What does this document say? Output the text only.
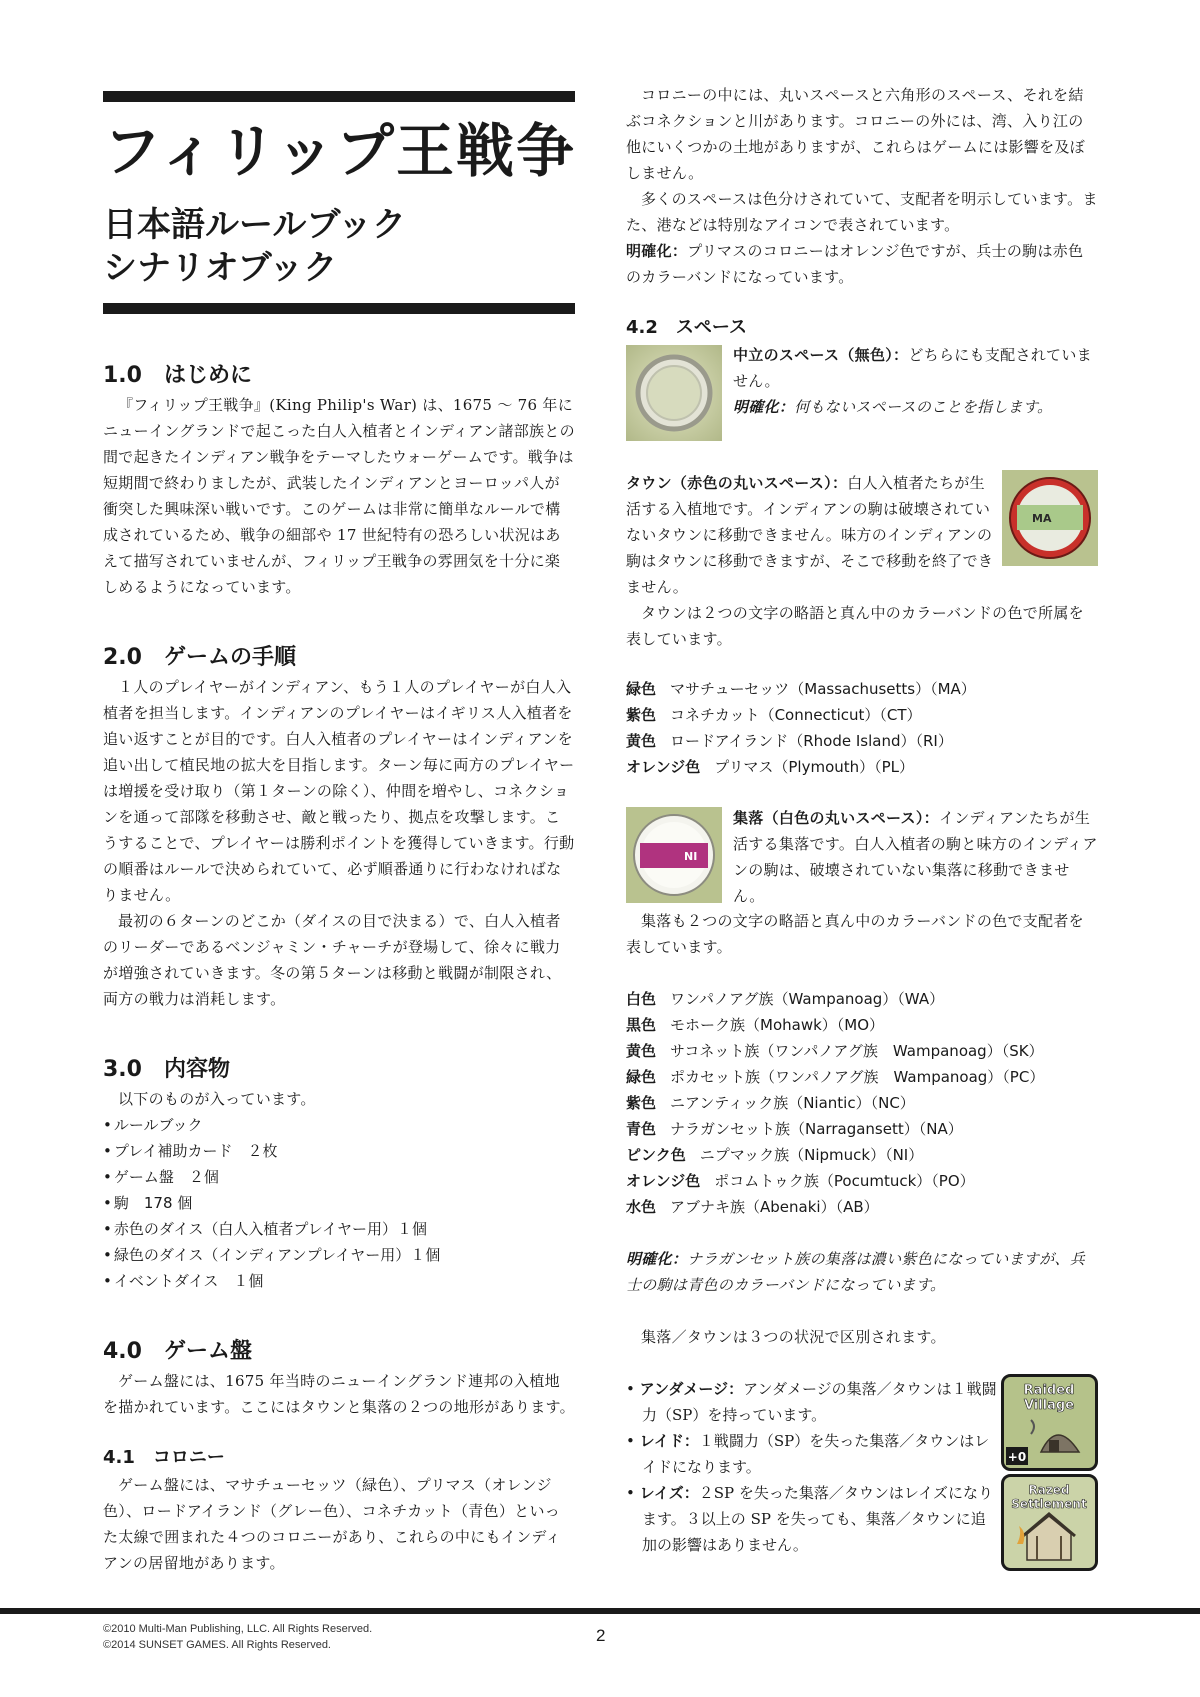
フィリップ王戦争
日本語ルールブック
シナリオブック
1.0　はじめに

『フィリップ王戦争』(King Philip's War) は、1675 ～ 76 年にニューイングランドで起こった白人入植者とインディアン諸部族との間で起きたインディアン戦争をテーマしたウォーゲームです。戦争は短期間で終わりましたが、武装したインディアンとヨーロッパ人が衝突した興味深い戦いです。このゲームは非常に簡単なルールで構成されているため、戦争の細部や 17 世紀特有の恐ろしい状況はあえて描写されていませんが、フィリップ王戦争の雰囲気を十分に楽しめるようになっています。

2.0　ゲームの手順

１人のプレイヤーがインディアン、もう１人のプレイヤーが白人入植者を担当します。インディアンのプレイヤーはイギリス人入植者を追い返すことが目的です。白人入植者のプレイヤーはインディアンを追い出して植民地の拡大を目指します。ターン毎に両方のプレイヤーは増援を受け取り（第１ターンの除く）、仲間を増やし、コネクションを通って部隊を移動させ、敵と戦ったり、拠点を攻撃します。こうすることで、プレイヤーは勝利ポイントを獲得していきます。行動の順番はルールで決められていて、必ず順番通りに行わなければなりません。

最初の６ターンのどこか（ダイスの目で決まる）で、白人入植者のリーダーであるベンジャミン・チャーチが登場して、徐々に戦力が増強されていきます。冬の第５ターンは移動と戦闘が制限され、両方の戦力は消耗します。

3.0　内容物

以下のものが入っています。

• ルールブック
• プレイ補助カード　２枚
• ゲーム盤　２個
• 駒　178 個
• 赤色のダイス（白人入植者プレイヤー用）１個
• 緑色のダイス（インディアンプレイヤー用）１個
• イベントダイス　１個
4.0　ゲーム盤

ゲーム盤には、1675 年当時のニューイングランド連邦の入植地を描かれています。ここにはタウンと集落の２つの地形があります。

4.1　コロニー

ゲーム盤には、マサチューセッツ（緑色）、プリマス（オレンジ色）、ロードアイランド（グレー色）、コネチカット（青色）といった太線で囲まれた４つのコロニーがあり、これらの中にもインディアンの居留地があります。

コロニーの中には、丸いスペースと六角形のスペース、それを結ぶコネクションと川があります。コロニーの外には、湾、入り江の他にいくつかの土地がありますが、これらはゲームには影響を及ぼしません。

多くのスペースは色分けされていて、支配者を明示しています。また、港などは特別なアイコンで表されています。

明確化：プリマスのコロニーはオレンジ色ですが、兵士の駒は赤色のカラーバンドになっています。

4.2　スペース

中立のスペース（無色）：どちらにも支配されていません。

明確化：何もないスペースのことを指します。

MA

タウン（赤色の丸いスペース）：白人入植者たちが生活する入植地です。インディアンの駒は破壊されていないタウンに移動できません。味方のインディアンの駒はタウンに移動できますが、そこで移動を終了できません。

タウンは２つの文字の略語と真ん中のカラーバンドの色で所属を表しています。

緑色 マサチューセッツ（Massachusetts）（MA）
紫色 コネチカット（Connecticut）（CT）
黄色 ロードアイランド（Rhode Island）（RI）
オレンジ色 プリマス（Plymouth）（PL）
NI

集落（白色の丸いスペース）：インディアンたちが生活する集落です。白人入植者の駒と味方のインディアンの駒は、破壊されていない集落に移動できません。

集落も２つの文字の略語と真ん中のカラーバンドの色で支配者を表しています。

白色 ワンパノアグ族（Wampanoag）（WA）
黒色 モホーク族（Mohawk）（MO）
黄色 サコネット族（ワンパノアグ族　Wampanoag）（SK）
緑色 ポカセット族（ワンパノアグ族　Wampanoag）（PC）
紫色 ニアンティック族（Niantic）（NC）
青色 ナラガンセット族（Narragansett）（NA）
ピンク色 ニプマック族（Nipmuck）（NI）
オレンジ色 ポコムトゥク族（Pocumtuck）（PO）
水色 アブナキ族（Abenaki）（AB）

明確化：ナラガンセット族の集落は濃い紫色になっていますが、兵士の駒は青色のカラーバンドになっています。

集落／タウンは３つの状況で区別されます。

• アンダメージ：アンダメージの集落／タウンは１戦闘力（SP）を持っています。
• レイド：１戦闘力（SP）を失った集落／タウンはレイドになります。
• レイズ：２SP を失った集落／タウンはレイズになります。３以上の SP を失っても、集落／タウンに追加の影響はありません。
Raided Village
+0
Razed Settlement
©2010 Multi-Man Publishing, LLC. All Rights Reserved.
©2014 SUNSET GAMES. All Rights Reserved.	2
